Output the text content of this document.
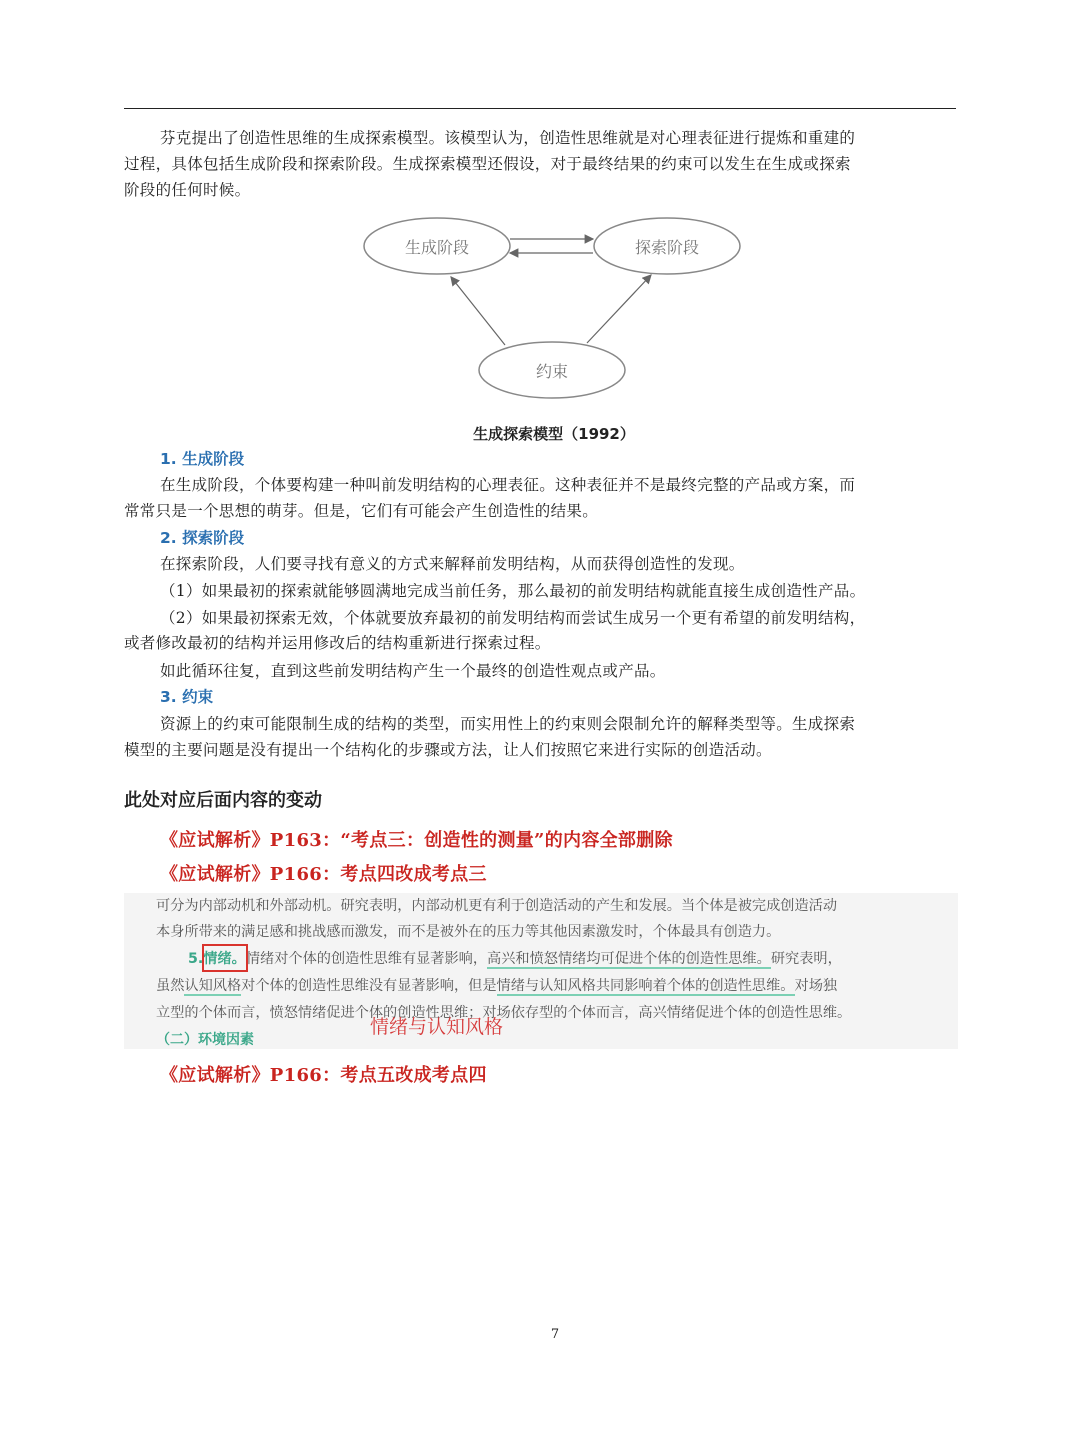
芬克提出了创造性思维的生成探索模型。该模型认为，创造性思维就是对心理表征进行提炼和重建的

过程，具体包括生成阶段和探索阶段。生成探索模型还假设，对于最终结果的约束可以发生在生成或探索

阶段的任何时候。

生成阶段	探索阶段
约束

生成探索模型（1992）

1. 生成阶段

在生成阶段，个体要构建一种叫前发明结构的心理表征。这种表征并不是最终完整的产品或方案，而

常常只是一个思想的萌芽。但是，它们有可能会产生创造性的结果。

2. 探索阶段

在探索阶段，人们要寻找有意义的方式来解释前发明结构，从而获得创造性的发现。

（1）如果最初的探索就能够圆满地完成当前任务，那么最初的前发明结构就能直接生成创造性产品。

（2）如果最初探索无效，个体就要放弃最初的前发明结构而尝试生成另一个更有希望的前发明结构，

或者修改最初的结构并运用修改后的结构重新进行探索过程。

如此循环往复，直到这些前发明结构产生一个最终的创造性观点或产品。

3. 约束

资源上的约束可能限制生成的结构的类型，而实用性上的约束则会限制允许的解释类型等。生成探索

模型的主要问题是没有提出一个结构化的步骤或方法，让人们按照它来进行实际的创造活动。

此处对应后面内容的变动

《应试解析》P163：“考点三：创造性的测量”的内容全部删除

《应试解析》P166：考点四改成考点三

可分为内部动机和外部动机。研究表明，内部动机更有利于创造活动的产生和发展。当个体是被完成创造活动

本身所带来的满足感和挑战感而激发，而不是被外在的压力等其他因素激发时，个体最具有创造力。

5.情绪。情绪对个体的创造性思维有显著影响，高兴和愤怒情绪均可促进个体的创造性思维。研究表明，

虽然认知风格对个体的创造性思维没有显著影响，但是情绪与认知风格共同影响着个体的创造性思维。对场独

立型的个体而言，愤怒情绪促进个体的创造性思维；对场依存型的个体而言，高兴情绪促进个体的创造性思维。

（二）环境因素

情绪与认知风格

《应试解析》P166：考点五改成考点四

7
